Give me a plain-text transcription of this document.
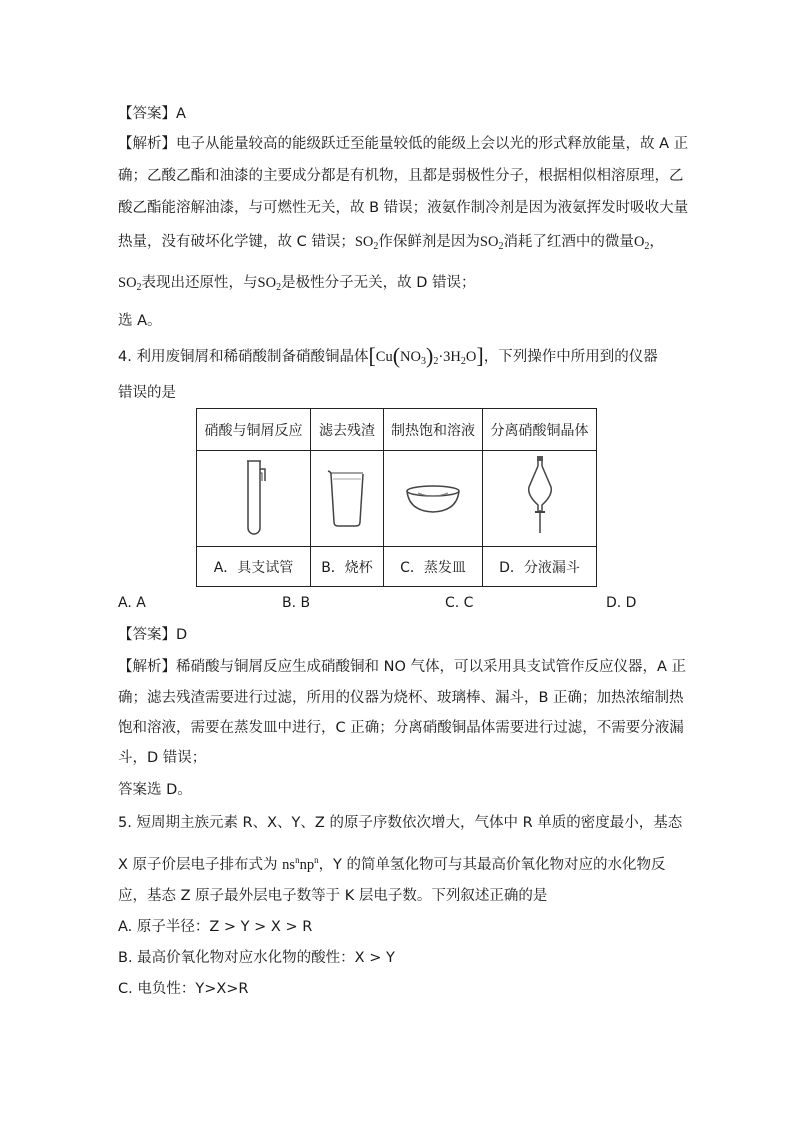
【答案】A
【解析】电子从能量较高的能级跃迁至能量较低的能级上会以光的形式释放能量，故 A 正
确；乙酸乙酯和油漆的主要成分都是有机物，且都是弱极性分子，根据相似相溶原理，乙
酸乙酯能溶解油漆，与可燃性无关，故 B 错误；液氨作制冷剂是因为液氨挥发时吸收大量
热量，没有破坏化学键，故 C 错误；$SO_2$作保鲜剂是因为$SO_2$消耗了红酒中的微量$O_2$，
$SO_2$表现出还原性，与$SO_2$是极性分子无关，故 D 错误；
选 A。
4. 利用废铜屑和稀硝酸制备硝酸铜晶体$[Cu(NO_3)_2\cdot 3H_2O]$，下列操作中所用到的仪器
错误的是
硝酸与铜屑反应	滤去残渣	制热饱和溶液	分离硝酸铜晶体

A．具支试管	B．烧杯	C．蒸发皿	D．分液漏斗
A. A	B. B	C. C	D. D
【答案】D
【解析】稀硝酸与铜屑反应生成硝酸铜和 NO 气体，可以采用具支试管作反应仪器，A 正
确；滤去残渣需要进行过滤，所用的仪器为烧杯、玻璃棒、漏斗，B 正确；加热浓缩制热
饱和溶液，需要在蒸发皿中进行，C 正确；分离硝酸铜晶体需要进行过滤，不需要分液漏
斗，D 错误；
答案选 D。
5. 短周期主族元素 R、X、Y、Z 的原子序数依次增大，气体中 R 单质的密度最小，基态
X 原子价层电子排布式为 $ns^nnp^n$，Y 的简单氢化物可与其最高价氧化物对应的水化物反
应，基态 Z 原子最外层电子数等于 K 层电子数。下列叙述正确的是
A. 原子半径：Z > Y > X > R
B. 最高价氧化物对应水化物的酸性：X > Y
C. 电负性：Y>X>R
